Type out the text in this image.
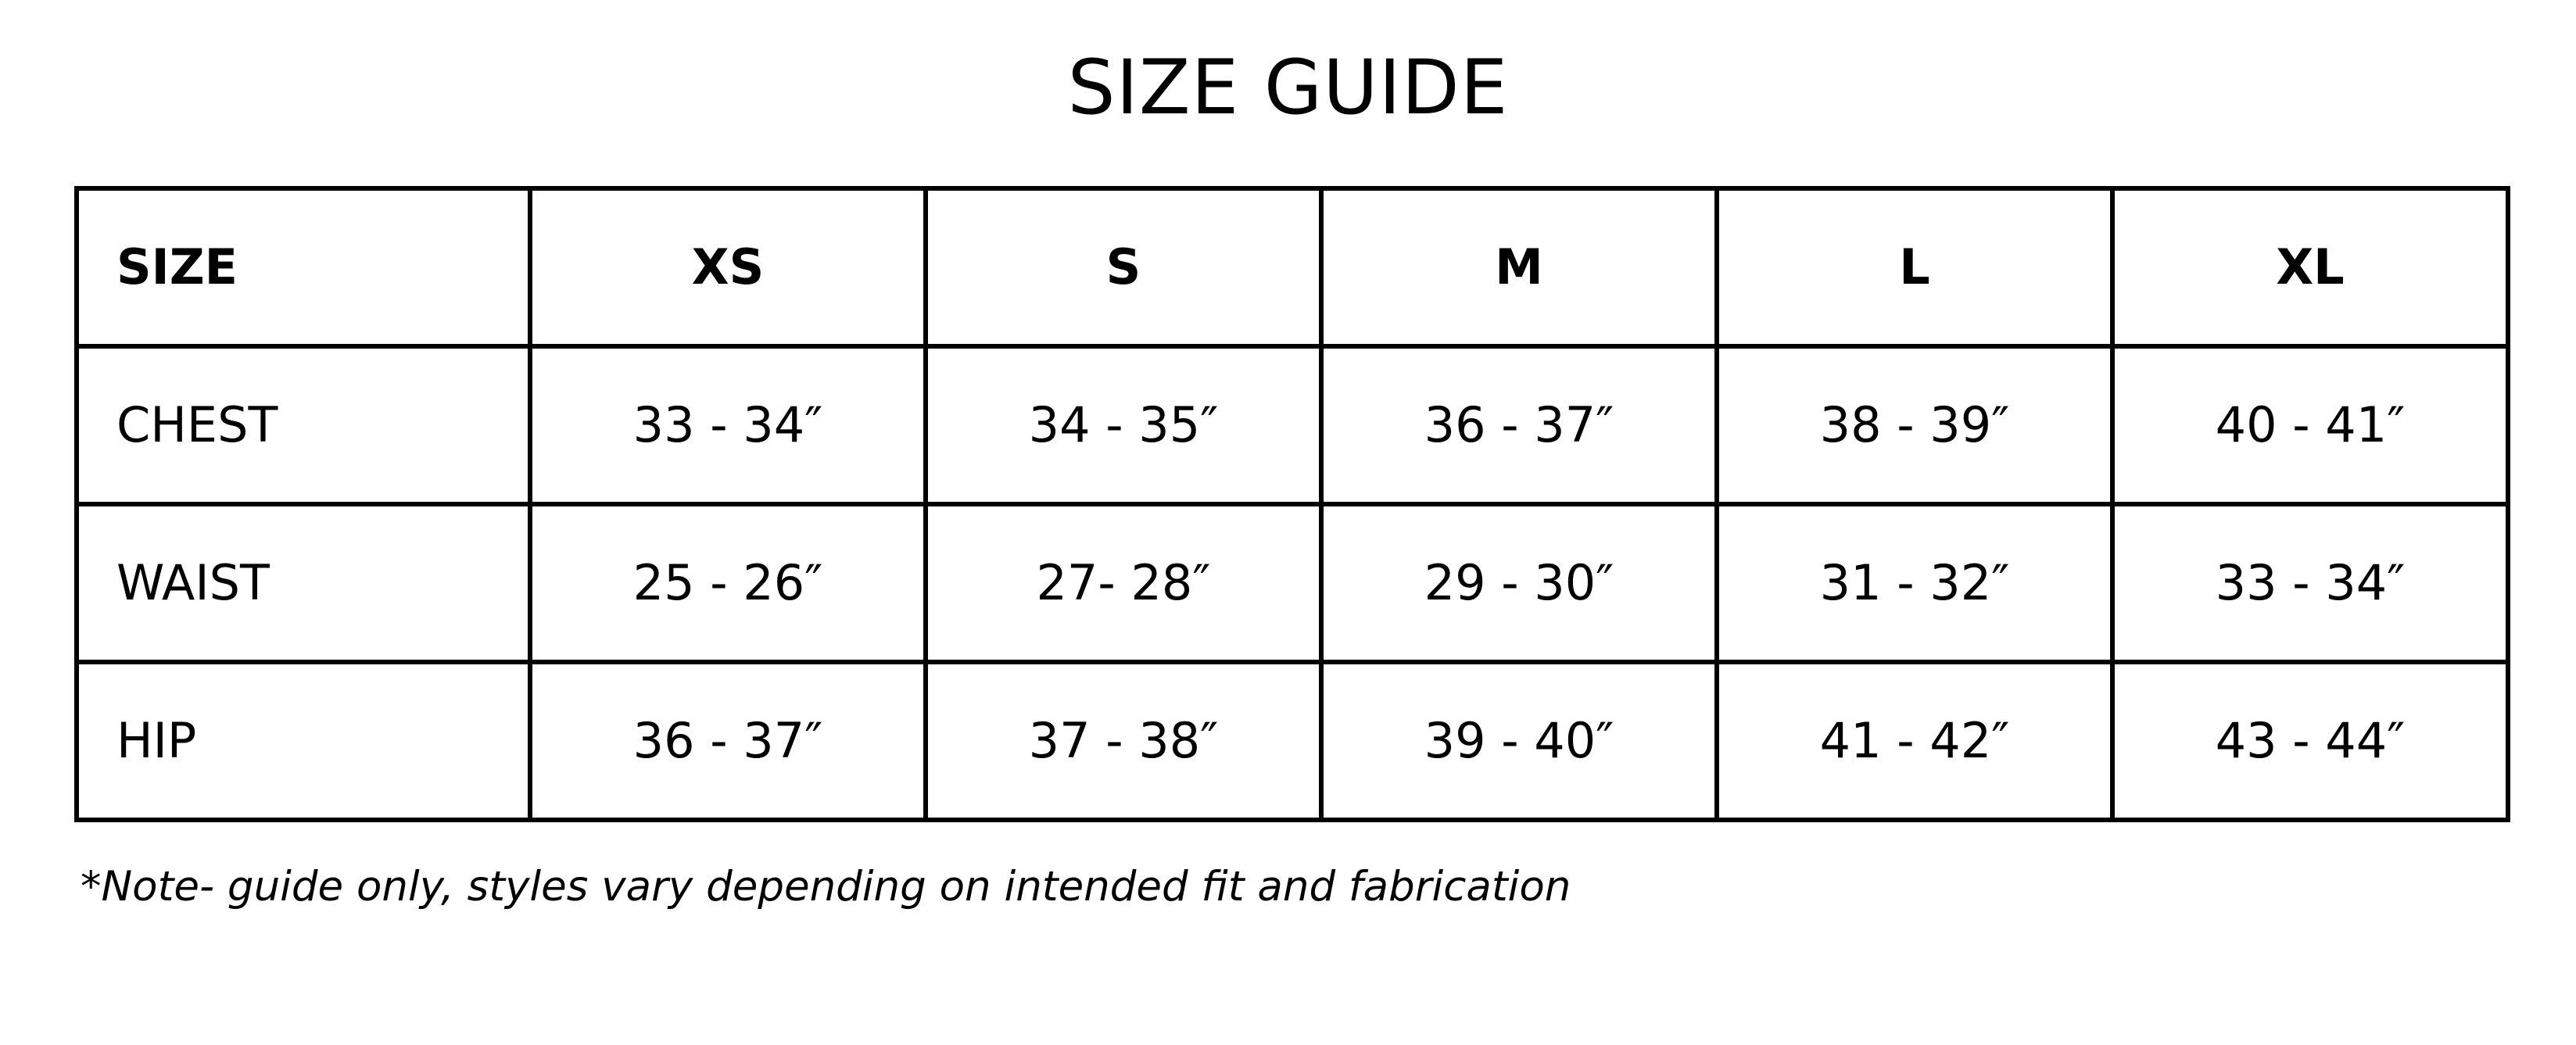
SIZE GUIDE
SIZE	XS	S	M	L	XL
CHEST	33 - 34″	34 - 35″	36 - 37″	38 - 39″	40 - 41″
WAIST	25 - 26″	27- 28″	29 - 30″	31 - 32″	33 - 34″
HIP	36 - 37″	37 - 38″	39 - 40″	41 - 42″	43 - 44″
*Note- guide only, styles vary depending on intended fit and fabrication
